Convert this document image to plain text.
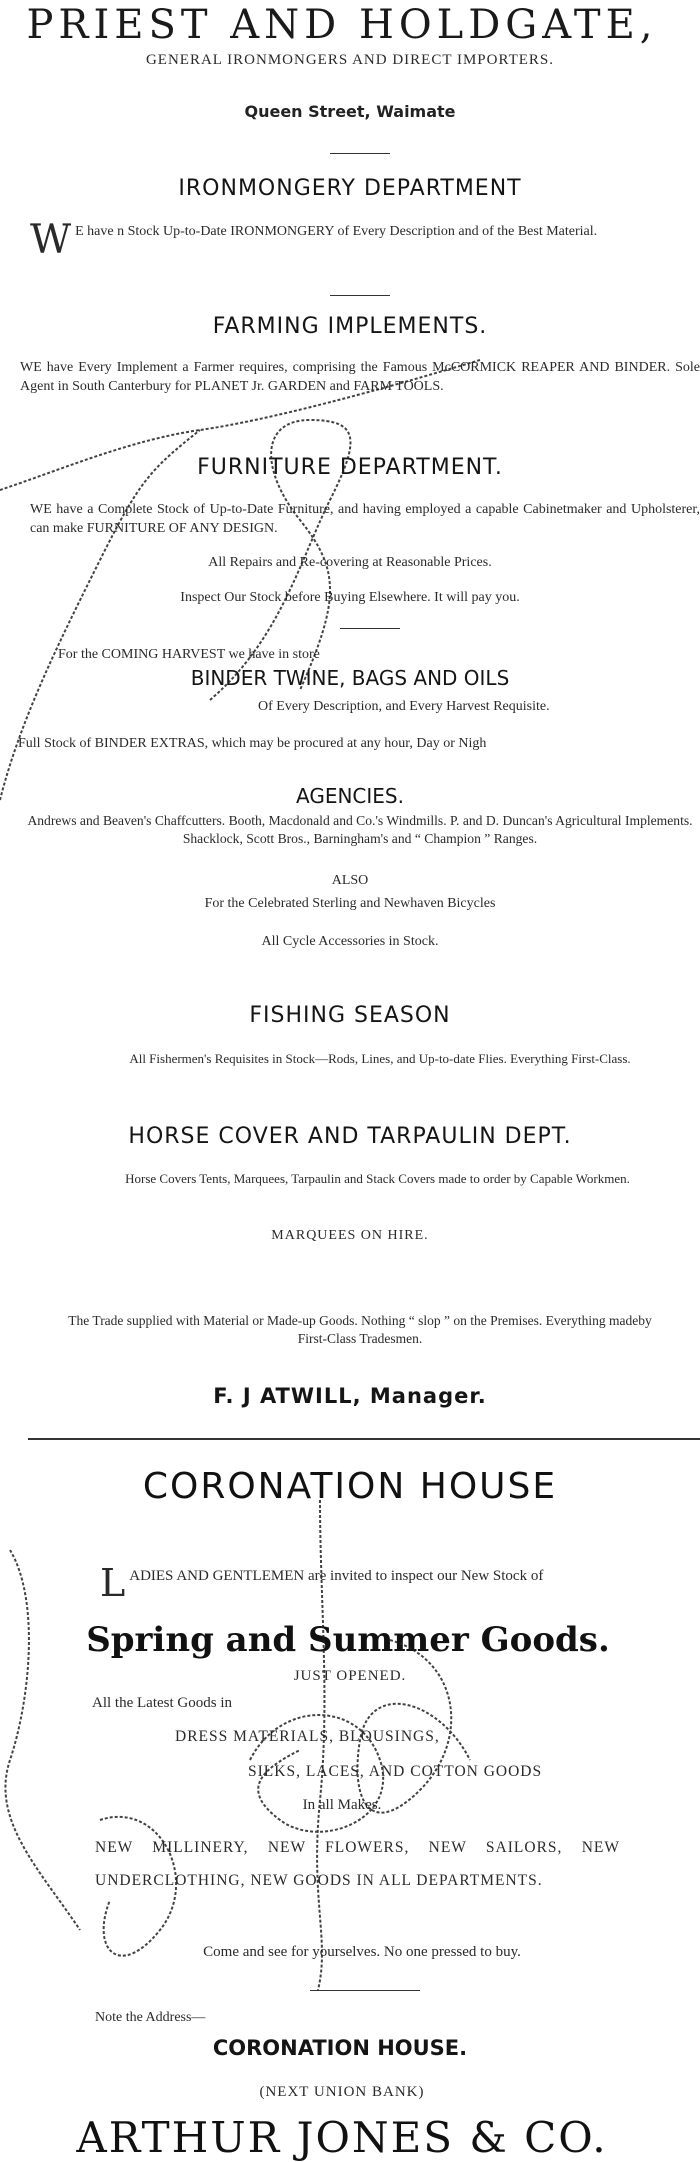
PRIEST AND HOLDGATE,

GENERAL IRONMONGERS AND DIRECT IMPORTERS.

Queen Street, Waimate

IRONMONGERY DEPARTMENT

W E have n Stock Up-to-Date IRONMONGERY of Every Description and of the Best Material.

FARMING IMPLEMENTS.

WE have Every Implement a Farmer requires, comprising the Famous McCORMICK REAPER AND BINDER. Sole Agent in South Canterbury for PLANET Jr. GARDEN and FARM TOOLS.

FURNITURE DEPARTMENT.

WE have a Complete Stock of Up-to-Date Furniture, and having employed a capable Cabinetmaker and Upholsterer, can make FURNITURE OF ANY DESIGN.

All Repairs and Re-covering at Reasonable Prices.

Inspect Our Stock before Buying Elsewhere. It will pay you.

For the COMING HARVEST we have in store

BINDER TWINE, BAGS AND OILS

Of Every Description, and Every Harvest Requisite.

Full Stock of BINDER EXTRAS, which may be procured at any hour, Day or Nigh

AGENCIES.

Andrews and Beaven's Chaffcutters. Booth, Macdonald and Co.'s Windmills. P. and D. Duncan's Agricultural Implements. Shacklock, Scott Bros., Barningham's and “ Champion ” Ranges.

ALSO

For the Celebrated Sterling and Newhaven Bicycles

All Cycle Accessories in Stock.

FISHING SEASON

All Fishermen's Requisites in Stock—Rods, Lines, and Up-to-date Flies. Everything First-Class.

HORSE COVER AND TARPAULIN DEPT.

Horse Covers Tents, Marquees, Tarpaulin and Stack Covers made to order by Capable Workmen.

MARQUEES ON HIRE.

The Trade supplied with Material or Made-up Goods. Nothing “ slop ” on the Premises. Everything madeby First-Class Tradesmen.

F. J ATWILL, Manager.

CORONATION HOUSE
L ADIES AND GENTLEMEN are invited to inspect our New Stock of

Spring and Summer Goods.

JUST OPENED.

All the Latest Goods in

DRESS MATERIALS, BLOUSINGS,

SILKS, LACES, AND COTTON GOODS

In all Makes.

NEW MILLINERY, NEW FLOWERS, NEW SAILORS, NEW UNDERCLOTHING, NEW GOODS IN ALL DEPARTMENTS.

Come and see for yourselves. No one pressed to buy.

Note the Address—

CORONATION HOUSE.

(NEXT UNION BANK)

ARTHUR JONES & CO.
